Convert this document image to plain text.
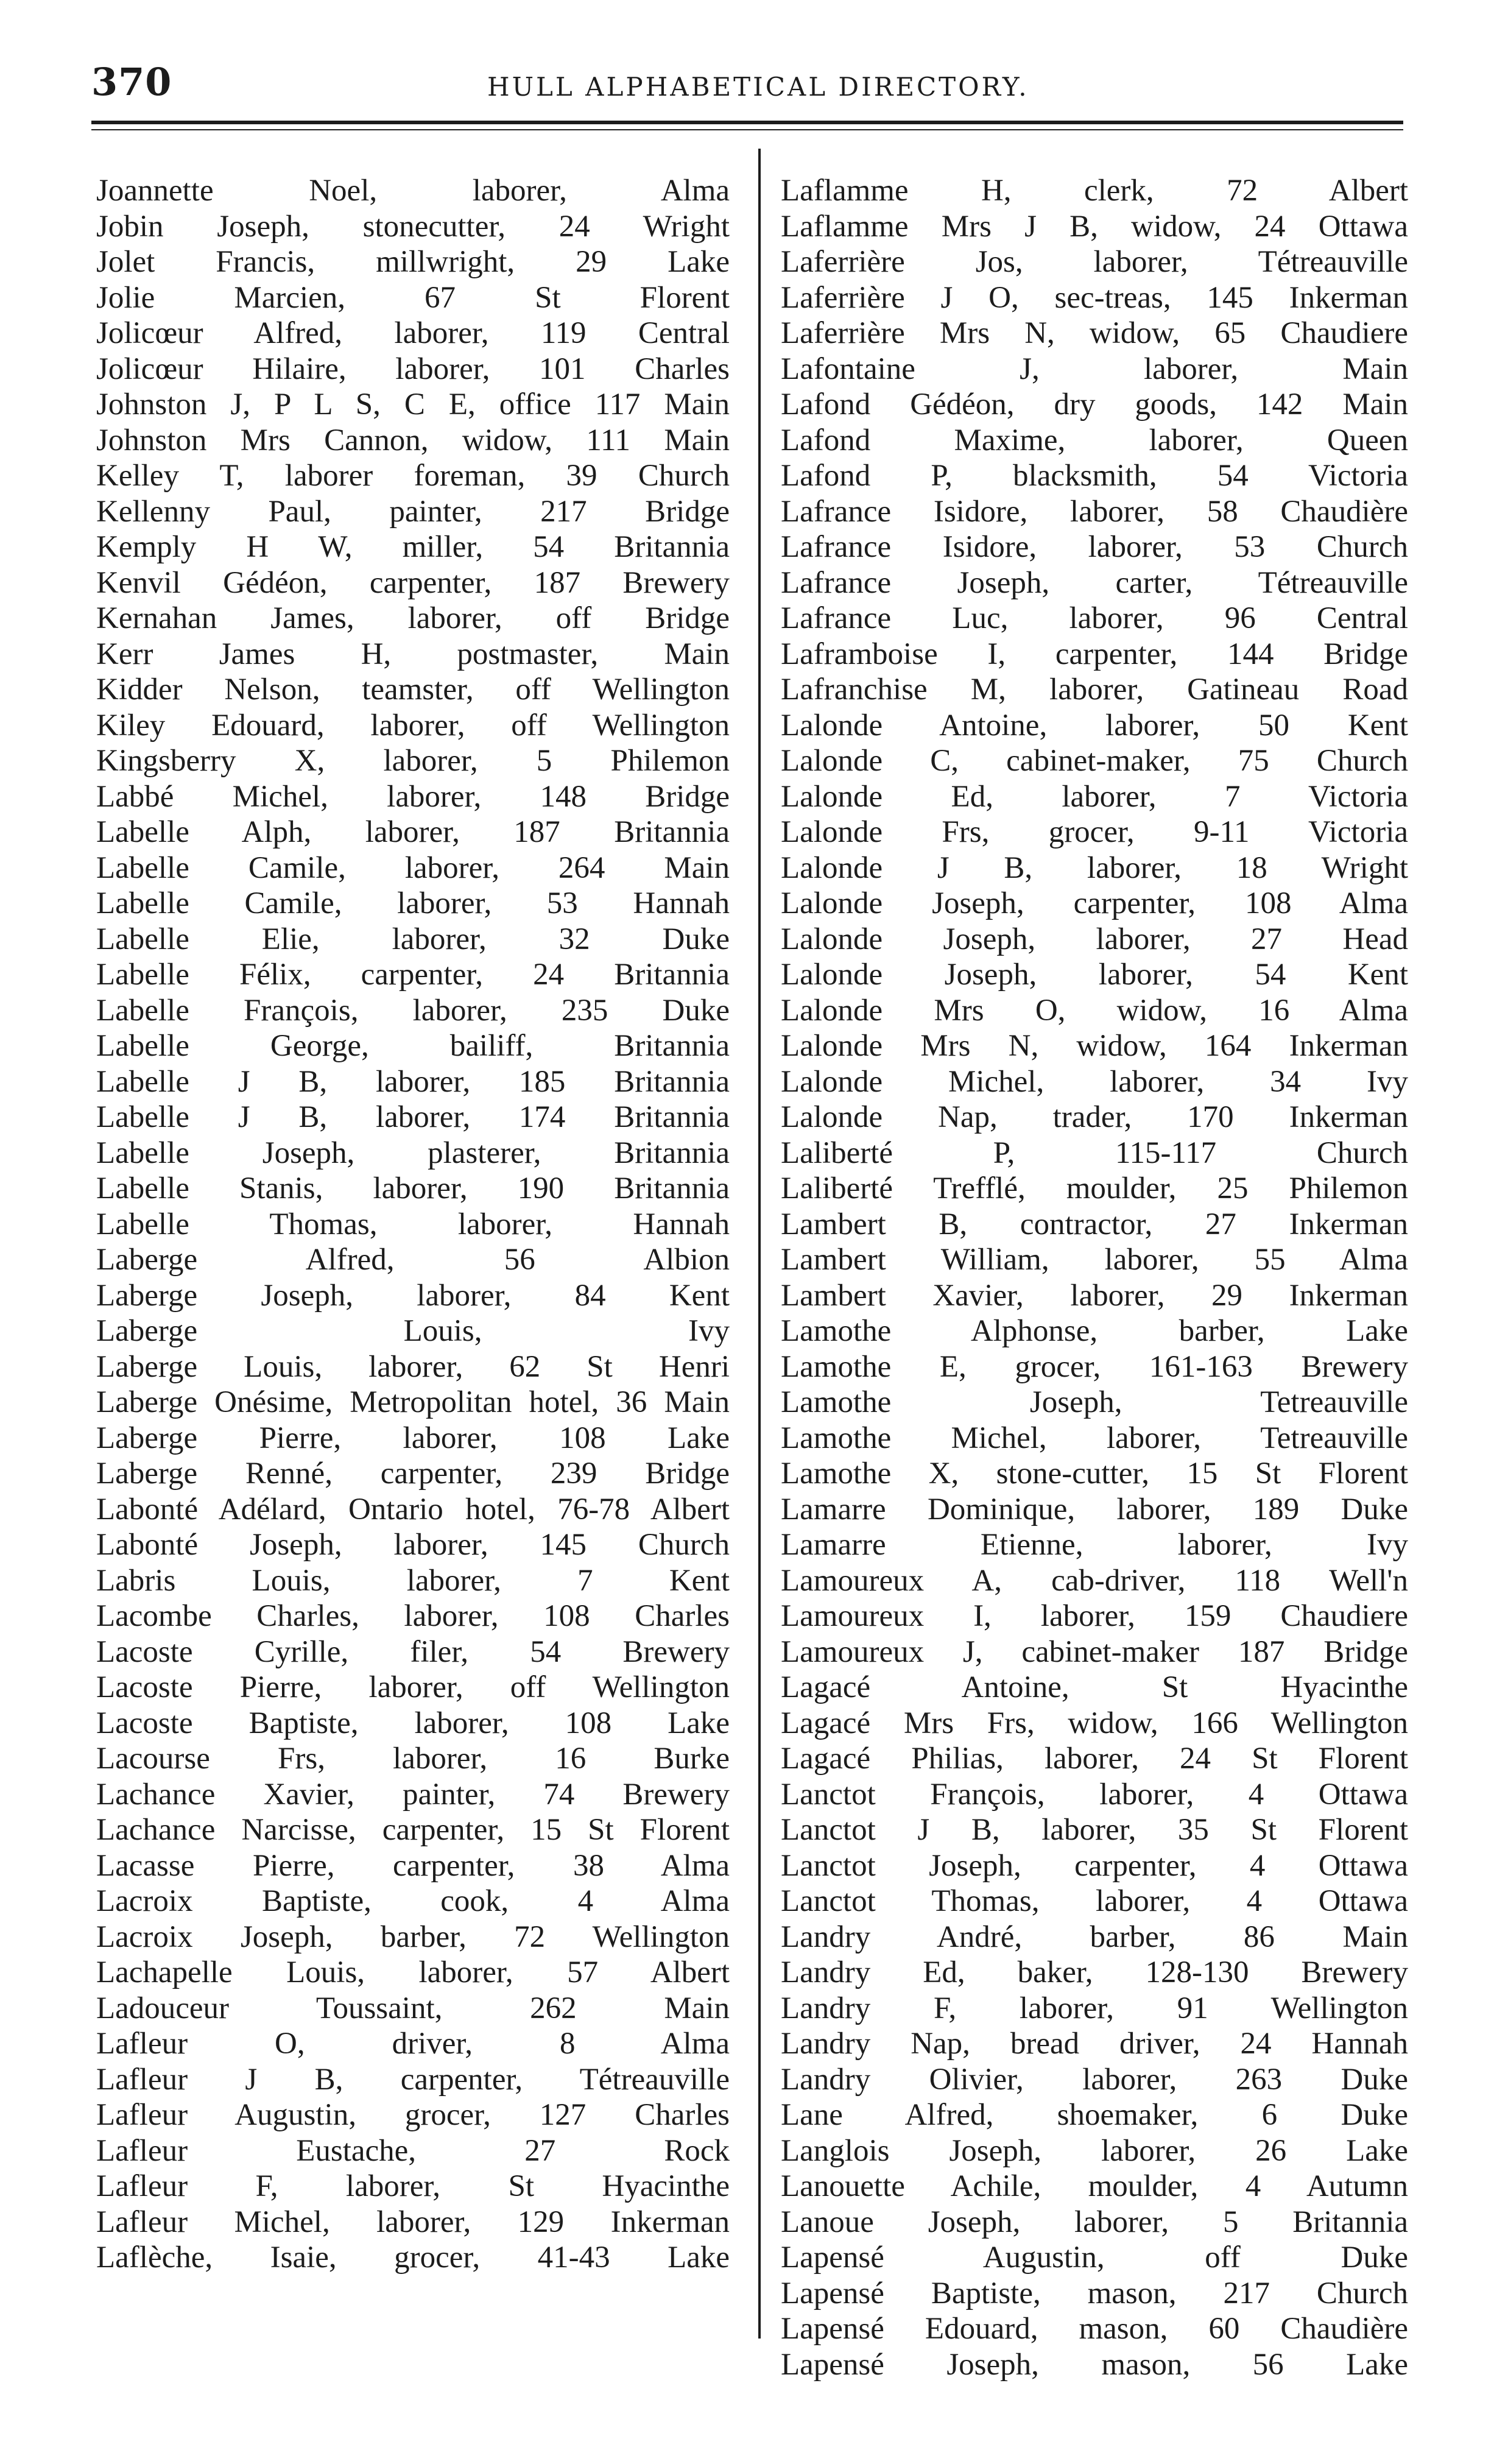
370	HULL ALPHABETICAL DIRECTORY.
Joannette Noel, laborer, Alma
Jobin Joseph, stonecutter, 24 Wright
Jolet Francis, millwright, 29 Lake
Jolie Marcien, 67 St Florent
Jolicœur Alfred, laborer, 119 Central
Jolicœur Hilaire, laborer, 101 Charles
Johnston J, P L S, C E, office 117 Main
Johnston Mrs Cannon, widow, 111 Main
Kelley T, laborer foreman, 39 Church
Kellenny Paul, painter, 217 Bridge
Kemply H W, miller, 54 Britannia
Kenvil Gédéon, carpenter, 187 Brewery
Kernahan James, laborer, off Bridge
Kerr James H, postmaster, Main
Kidder Nelson, teamster, off Wellington
Kiley Edouard, laborer, off Wellington
Kingsberry X, laborer, 5 Philemon
Labbé Michel, laborer, 148 Bridge
Labelle Alph, laborer, 187 Britannia
Labelle Camile, laborer, 264 Main
Labelle Camile, laborer, 53 Hannah
Labelle Elie, laborer, 32 Duke
Labelle Félix, carpenter, 24 Britannia
Labelle François, laborer, 235 Duke
Labelle George, bailiff, Britannia
Labelle J B, laborer, 185 Britannia
Labelle J B, laborer, 174 Britannia
Labelle Joseph, plasterer, Britannia
Labelle Stanis, laborer, 190 Britannia
Labelle Thomas, laborer, Hannah
Laberge Alfred, 56 Albion
Laberge Joseph, laborer, 84 Kent
Laberge Louis, Ivy
Laberge Louis, laborer, 62 St Henri
Laberge Onésime, Metropolitan hotel, 36 Main
Laberge Pierre, laborer, 108 Lake
Laberge Renné, carpenter, 239 Bridge
Labonté Adélard, Ontario hotel, 76-78 Albert
Labonté Joseph, laborer, 145 Church
Labris Louis, laborer, 7 Kent
Lacombe Charles, laborer, 108 Charles
Lacoste Cyrille, filer, 54 Brewery
Lacoste Pierre, laborer, off Wellington
Lacoste Baptiste, laborer, 108 Lake
Lacourse Frs, laborer, 16 Burke
Lachance Xavier, painter, 74 Brewery
Lachance Narcisse, carpenter, 15 St Florent
Lacasse Pierre, carpenter, 38 Alma
Lacroix Baptiste, cook, 4 Alma
Lacroix Joseph, barber, 72 Wellington
Lachapelle Louis, laborer, 57 Albert
Ladouceur Toussaint, 262 Main
Lafleur O, driver, 8 Alma
Lafleur J B, carpenter, Tétreauville
Lafleur Augustin, grocer, 127 Charles
Lafleur Eustache, 27 Rock
Lafleur F, laborer, St Hyacinthe
Lafleur Michel, laborer, 129 Inkerman
Laflèche, Isaie, grocer, 41-43 Lake
Laflamme H, clerk, 72 Albert
Laflamme Mrs J B, widow, 24 Ottawa
Laferrière Jos, laborer, Tétreauville
Laferrière J O, sec-treas, 145 Inkerman
Laferrière Mrs N, widow, 65 Chaudiere
Lafontaine J, laborer, Main
Lafond Gédéon, dry goods, 142 Main
Lafond Maxime, laborer, Queen
Lafond P, blacksmith, 54 Victoria
Lafrance Isidore, laborer, 58 Chaudière
Lafrance Isidore, laborer, 53 Church
Lafrance Joseph, carter, Tétreauville
Lafrance Luc, laborer, 96 Central
Laframboise I, carpenter, 144 Bridge
Lafranchise M, laborer, Gatineau Road
Lalonde Antoine, laborer, 50 Kent
Lalonde C, cabinet-maker, 75 Church
Lalonde Ed, laborer, 7 Victoria
Lalonde Frs, grocer, 9-11 Victoria
Lalonde J B, laborer, 18 Wright
Lalonde Joseph, carpenter, 108 Alma
Lalonde Joseph, laborer, 27 Head
Lalonde Joseph, laborer, 54 Kent
Lalonde Mrs O, widow, 16 Alma
Lalonde Mrs N, widow, 164 Inkerman
Lalonde Michel, laborer, 34 Ivy
Lalonde Nap, trader, 170 Inkerman
Laliberté P, 115-117 Church
Laliberté Trefflé, moulder, 25 Philemon
Lambert B, contractor, 27 Inkerman
Lambert William, laborer, 55 Alma
Lambert Xavier, laborer, 29 Inkerman
Lamothe Alphonse, barber, Lake
Lamothe E, grocer, 161-163 Brewery
Lamothe Joseph, Tetreauville
Lamothe Michel, laborer, Tetreauville
Lamothe X, stone-cutter, 15 St Florent
Lamarre Dominique, laborer, 189 Duke
Lamarre Etienne, laborer, Ivy
Lamoureux A, cab-driver, 118 Well'n
Lamoureux I, laborer, 159 Chaudiere
Lamoureux J, cabinet-maker 187 Bridge
Lagacé Antoine, St Hyacinthe
Lagacé Mrs Frs, widow, 166 Wellington
Lagacé Philias, laborer, 24 St Florent
Lanctot François, laborer, 4 Ottawa
Lanctot J B, laborer, 35 St Florent
Lanctot Joseph, carpenter, 4 Ottawa
Lanctot Thomas, laborer, 4 Ottawa
Landry André, barber, 86 Main
Landry Ed, baker, 128-130 Brewery
Landry F, laborer, 91 Wellington
Landry Nap, bread driver, 24 Hannah
Landry Olivier, laborer, 263 Duke
Lane Alfred, shoemaker, 6 Duke
Langlois Joseph, laborer, 26 Lake
Lanouette Achile, moulder, 4 Autumn
Lanoue Joseph, laborer, 5 Britannia
Lapensé Augustin, off Duke
Lapensé Baptiste, mason, 217 Church
Lapensé Edouard, mason, 60 Chaudière
Lapensé Joseph, mason, 56 Lake
